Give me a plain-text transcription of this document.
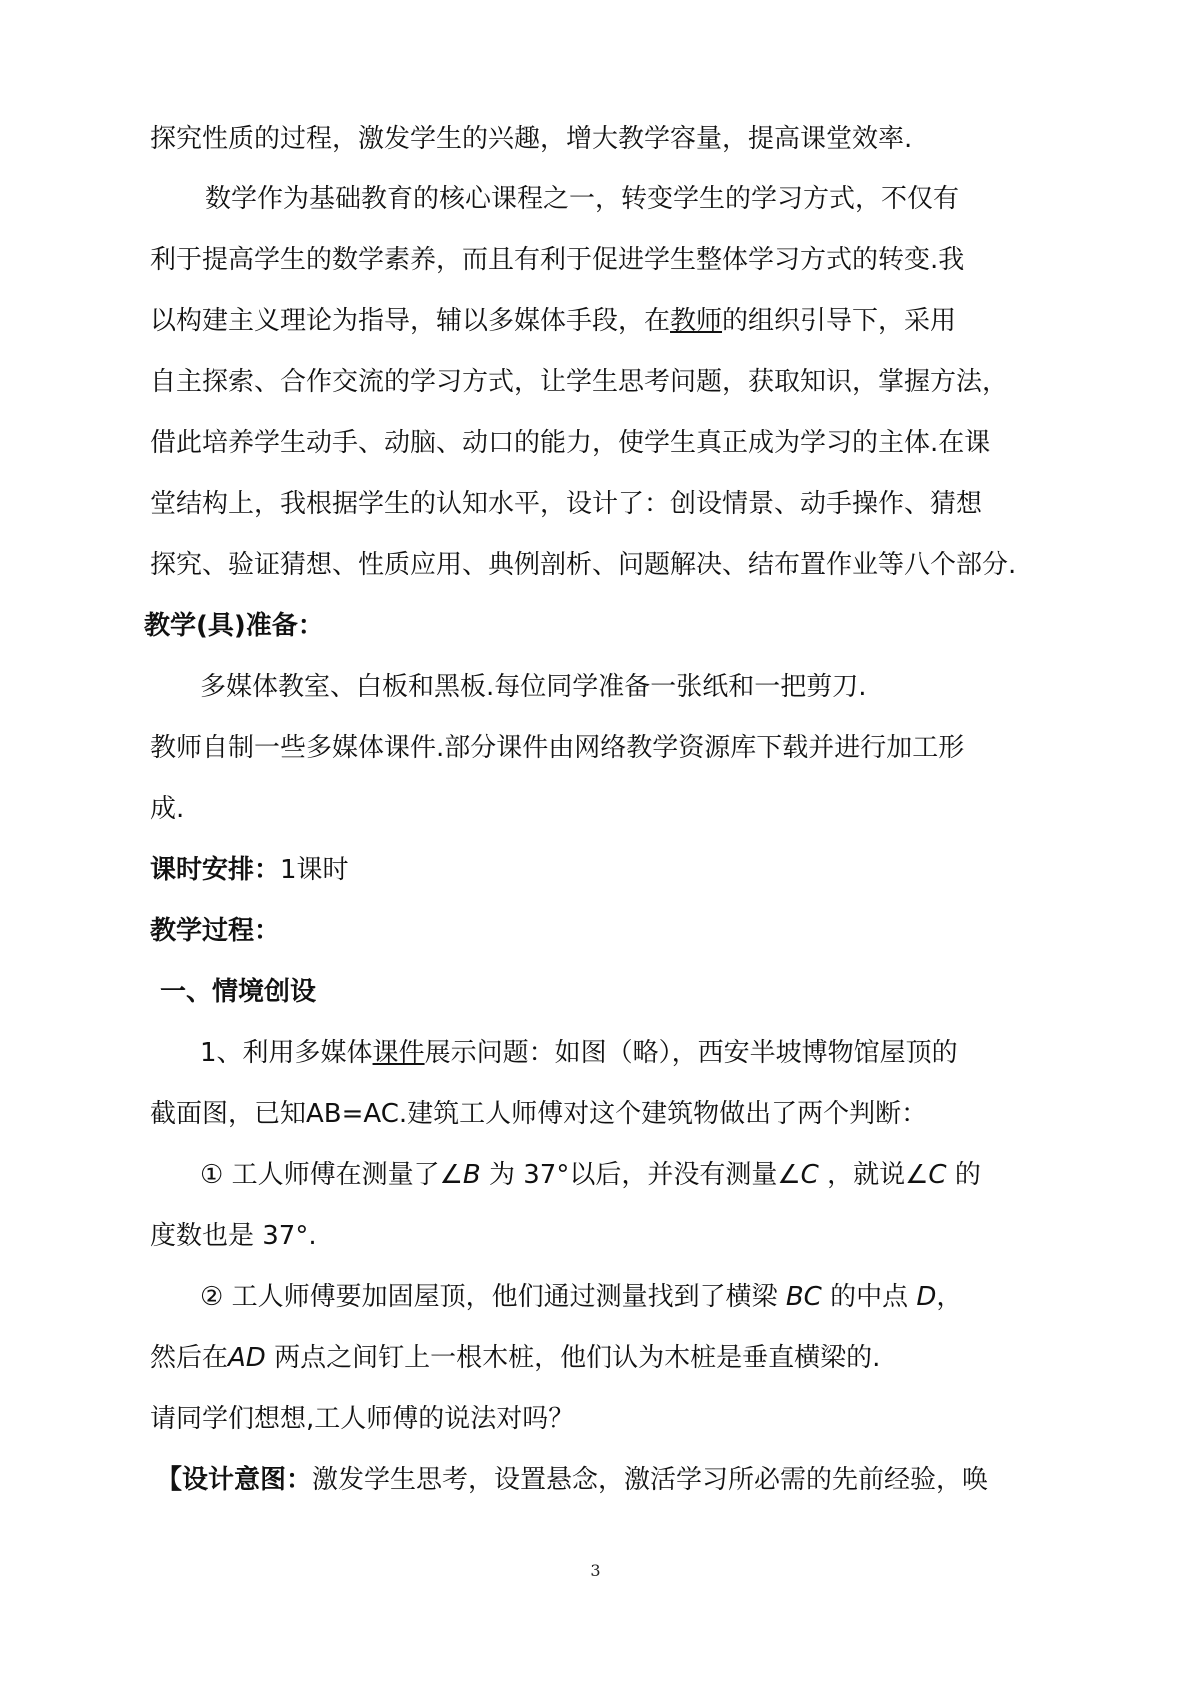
探究性质的过程，激发学生的兴趣，增大教学容量，提高课堂效率.
数学作为基础教育的核心课程之一，转变学生的学习方式，不仅有
利于提高学生的数学素养，而且有利于促进学生整体学习方式的转变.我
以构建主义理论为指导，辅以多媒体手段，在教师的组织引导下，采用
自主探索、合作交流的学习方式，让学生思考问题，获取知识，掌握方法，
借此培养学生动手、动脑、动口的能力，使学生真正成为学习的主体.在课
堂结构上，我根据学生的认知水平，设计了：创设情景、动手操作、猜想
探究、验证猜想、性质应用、典例剖析、问题解决、结布置作业等八个部分.
教学(具)准备：
多媒体教室、白板和黑板.每位同学准备一张纸和一把剪刀.
教师自制一些多媒体课件.部分课件由网络教学资源库下载并进行加工形
成.
课时安排：1课时
教学过程：
一、情境创设
1、利用多媒体课件展示问题：如图（略），西安半坡博物馆屋顶的
截面图，已知AB=AC.建筑工人师傅对这个建筑物做出了两个判断：
① 工人师傅在测量了∠B 为 37°以后，并没有测量∠C ，就说∠C 的
度数也是 37°.
② 工人师傅要加固屋顶，他们通过测量找到了横梁 BC 的中点 D，
然后在AD 两点之间钉上一根木桩，他们认为木桩是垂直横梁的.
请同学们想想,工人师傅的说法对吗？
【设计意图：激发学生思考，设置悬念，激活学习所必需的先前经验，唤
3
